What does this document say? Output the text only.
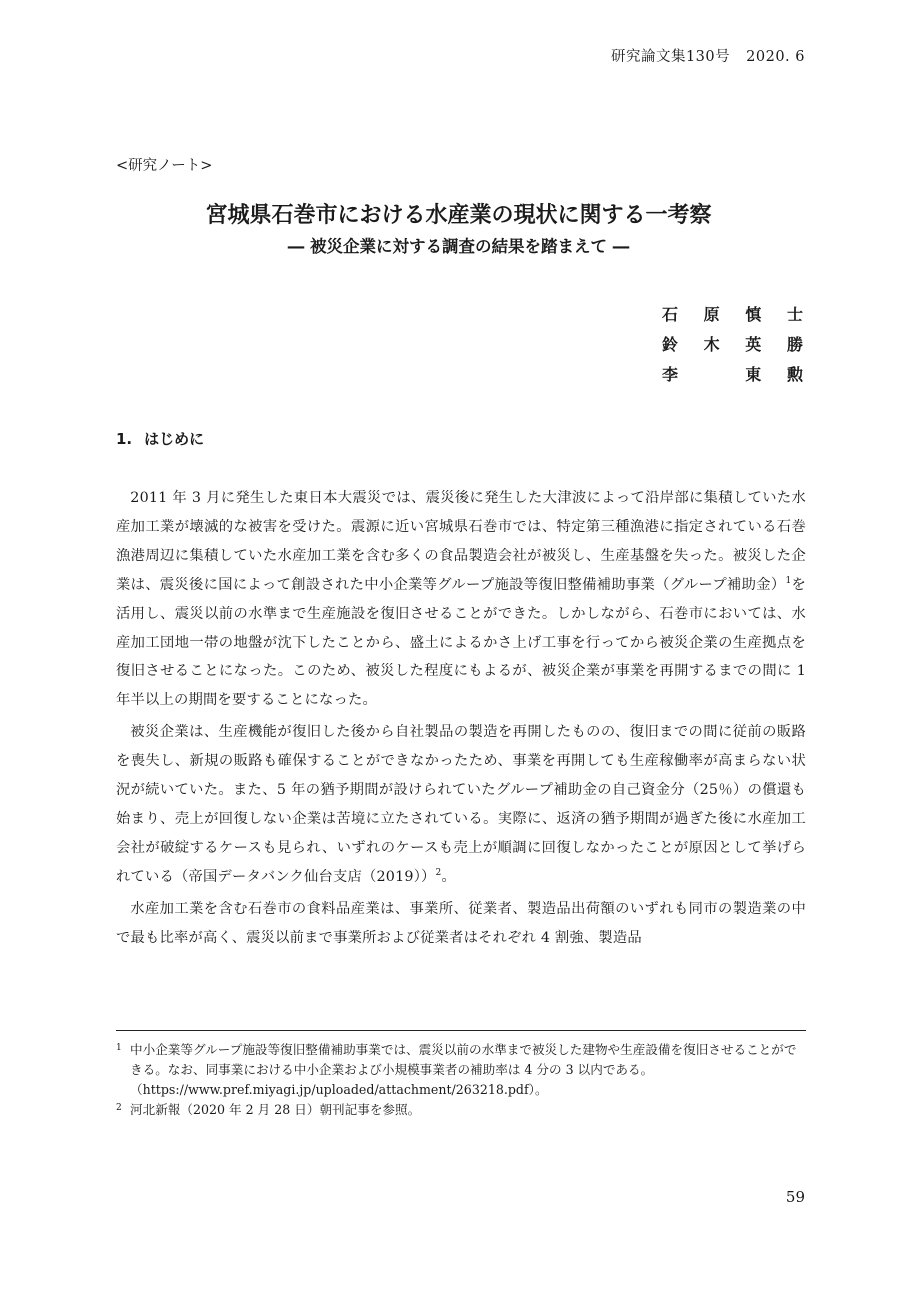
研究論文集130号 2020. 6
<研究ノート>
宮城県石巻市における水産業の現状に関する一考察
― 被災企業に対する調査の結果を踏まえて ―
石 原 慎 士
鈴 木 英 勝
李	東 勲
1. はじめに

2011 年 3 月に発生した東日本大震災では、震災後に発生した大津波によって沿岸部に集積していた水産加工業が壊滅的な被害を受けた。震源に近い宮城県石巻市では、特定第三種漁港に指定されている石巻漁港周辺に集積していた水産加工業を含む多くの食品製造会社が被災し、生産基盤を失った。被災した企業は、震災後に国によって創設された中小企業等グループ施設等復旧整備補助事業（グループ補助金）$^1$を活用し、震災以前の水準まで生産施設を復旧させることができた。しかしながら、石巻市においては、水産加工団地一帯の地盤が沈下したことから、盛土によるかさ上げ工事を行ってから被災企業の生産拠点を復旧させることになった。このため、被災した程度にもよるが、被災企業が事業を再開するまでの間に 1 年半以上の期間を要することになった。

被災企業は、生産機能が復旧した後から自社製品の製造を再開したものの、復旧までの間に従前の販路を喪失し、新規の販路も確保することができなかったため、事業を再開しても生産稼働率が高まらない状況が続いていた。また、5 年の猶予期間が設けられていたグループ補助金の自己資金分（25％）の償還も始まり、売上が回復しない企業は苦境に立たされている。実際に、返済の猶予期間が過ぎた後に水産加工会社が破綻するケースも見られ、いずれのケースも売上が順調に回復しなかったことが原因として挙げられている（帝国データバンク仙台支店（2019））$^2$。

水産加工業を含む石巻市の食料品産業は、事業所、従業者、製造品出荷額のいずれも同市の製造業の中で最も比率が高く、震災以前まで事業所および従業者はそれぞれ 4 割強、製造品

1 中小企業等グループ施設等復旧整備補助事業では、震災以前の水準まで被災した建物や生産設備を復旧させることができる。なお、同事業における中小企業および小規模事業者の補助率は 4 分の 3 以内である。
（https://www.pref.miyagi.jp/uploaded/attachment/263218.pdf）。
2 河北新報（2020 年 2 月 28 日）朝刊記事を参照。
59
